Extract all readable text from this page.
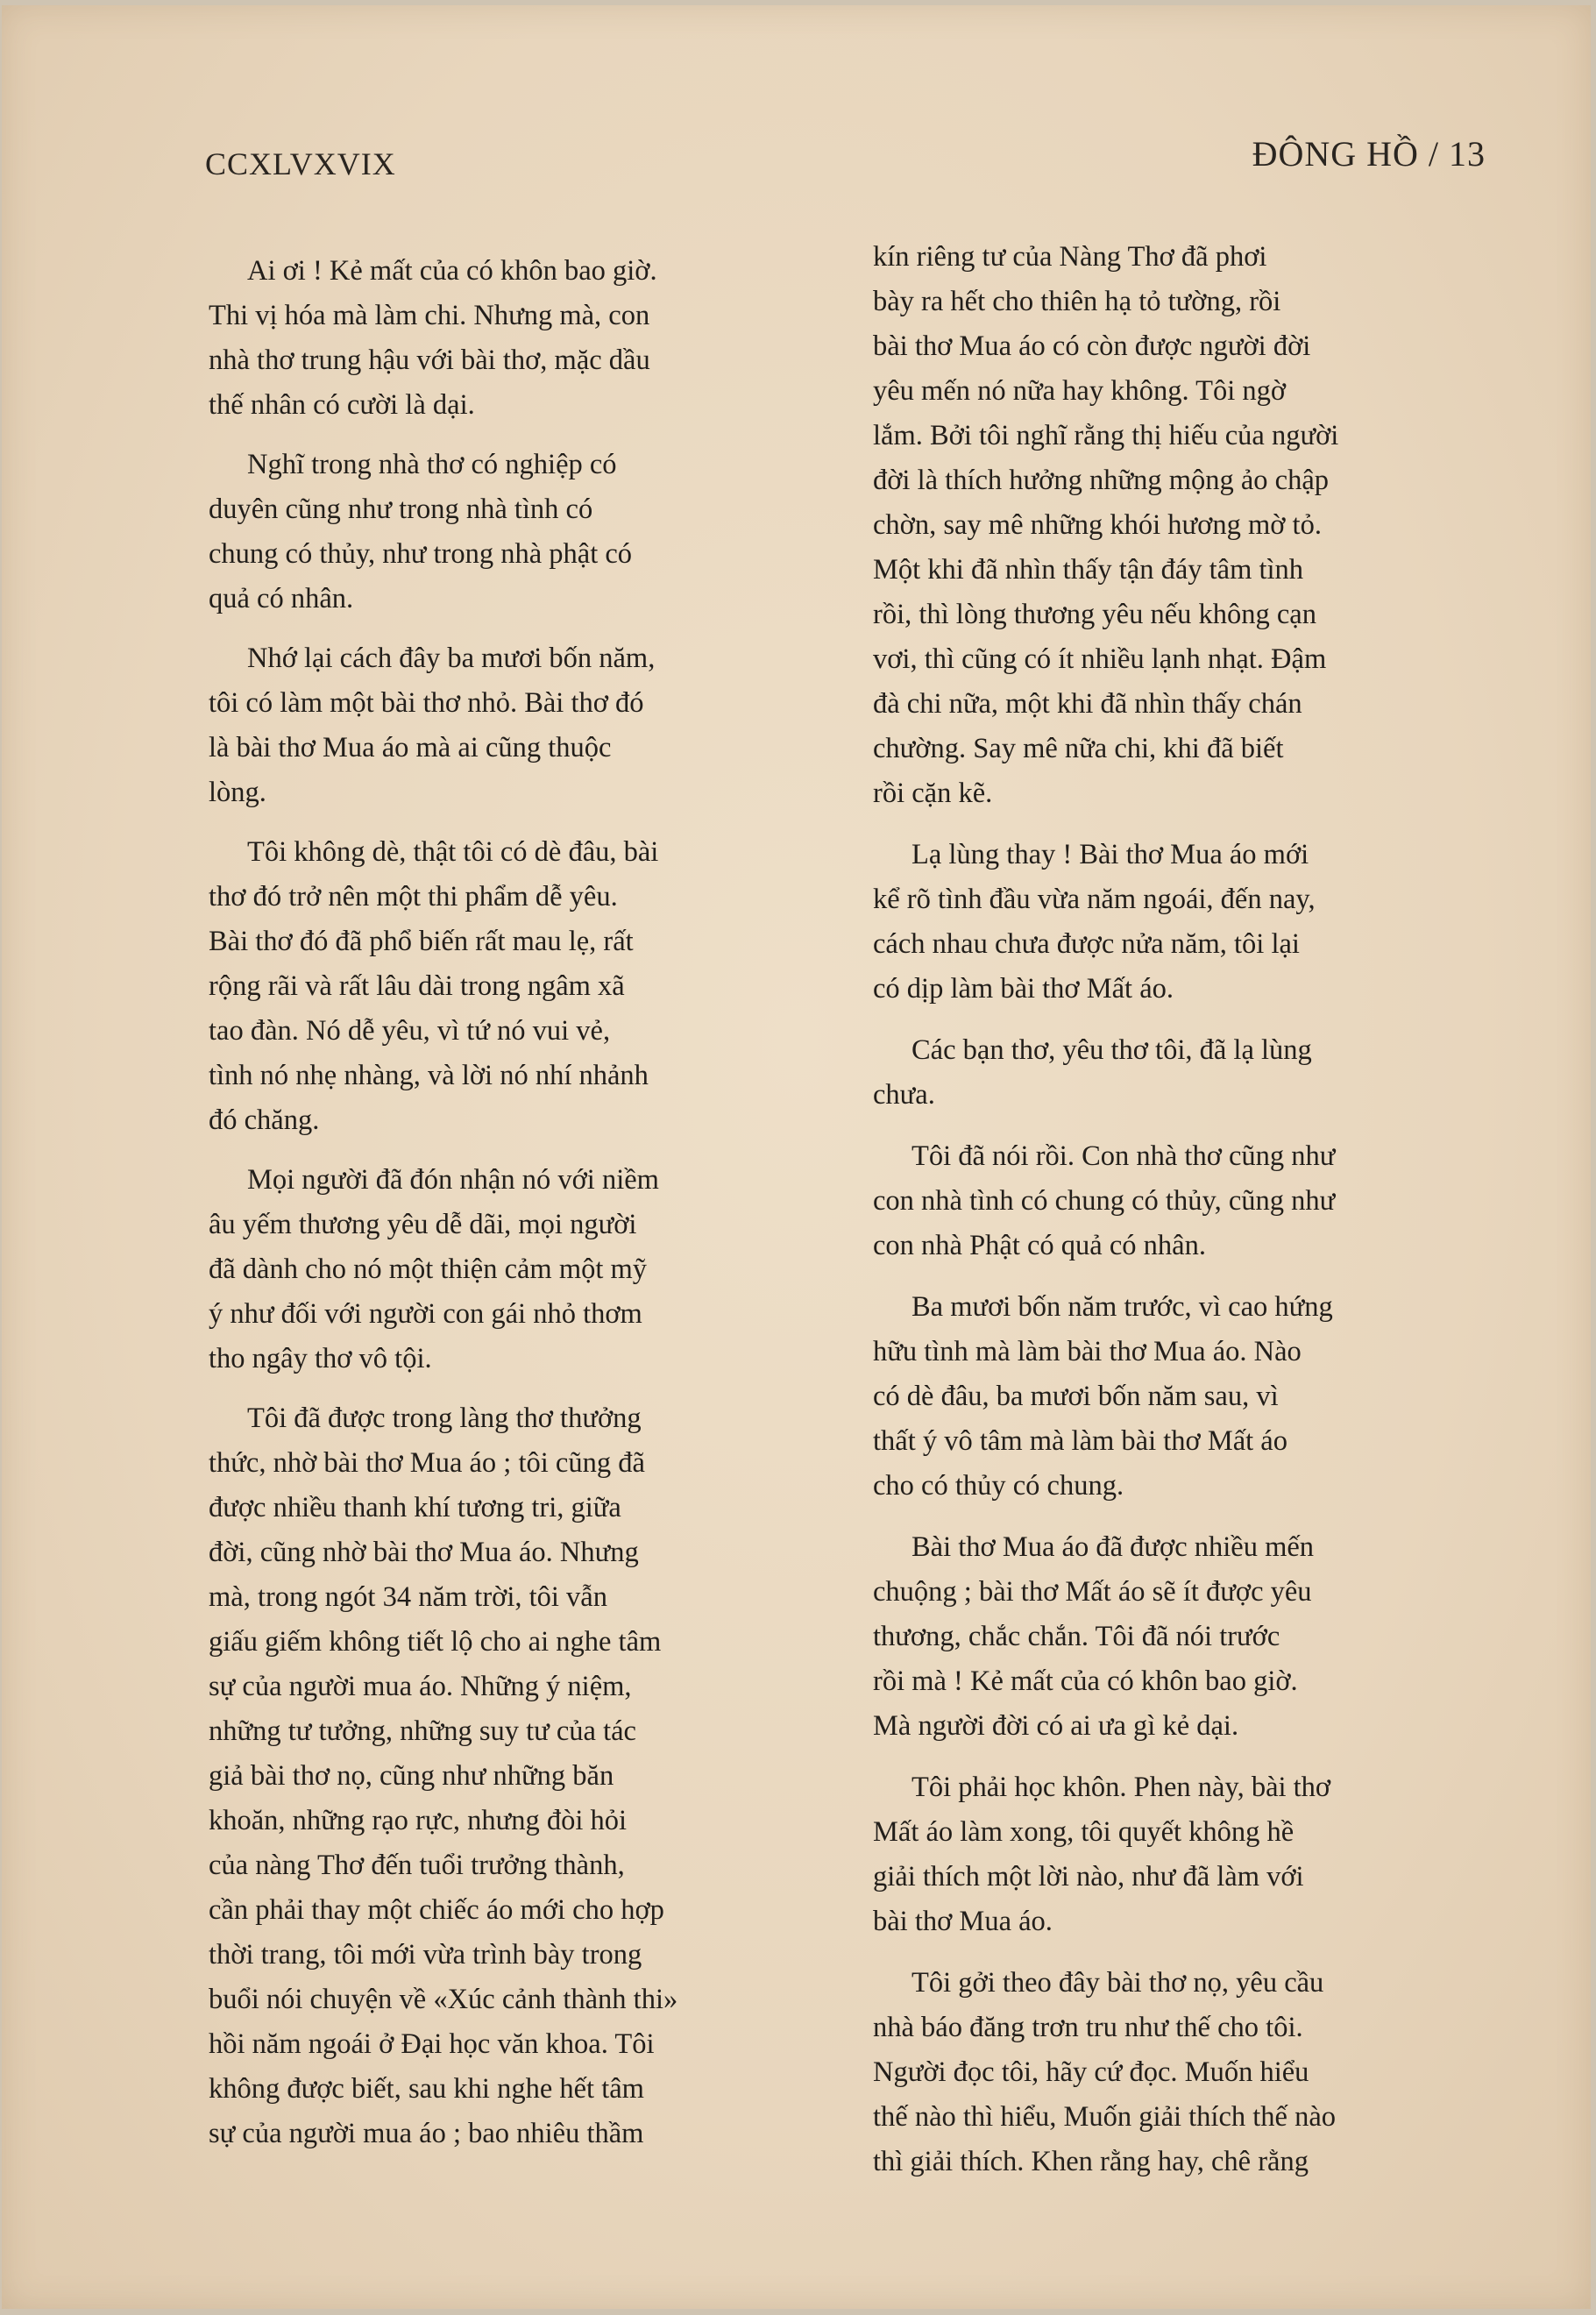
CCXLVXVIX	ĐÔNG HỒ / 13

Ai ơi ! Kẻ mất của có khôn bao giờ.
Thi vị hóa mà làm chi. Nhưng mà, con
nhà thơ trung hậu với bài thơ, mặc dầu
thế nhân có cười là dại.

Nghĩ trong nhà thơ có nghiệp có
duyên cũng như trong nhà tình có
chung có thủy, như trong nhà phật có
quả có nhân.

Nhớ lại cách đây ba mươi bốn năm,
tôi có làm một bài thơ nhỏ. Bài thơ đó
là bài thơ Mua áo mà ai cũng thuộc
lòng.

Tôi không dè, thật tôi có dè đâu, bài
thơ đó trở nên một thi phẩm dễ yêu.
Bài thơ đó đã phổ biến rất mau lẹ, rất
rộng rãi và rất lâu dài trong ngâm xã
tao đàn. Nó dễ yêu, vì tứ nó vui vẻ,
tình nó nhẹ nhàng, và lời nó nhí nhảnh
đó chăng.

Mọi người đã đón nhận nó với niềm
âu yếm thương yêu dễ dãi, mọi người
đã dành cho nó một thiện cảm một mỹ
ý như đối với người con gái nhỏ thơm
tho ngây thơ vô tội.

Tôi đã được trong làng thơ thưởng
thức, nhờ bài thơ Mua áo ; tôi cũng đã
được nhiều thanh khí tương tri, giữa
đời, cũng nhờ bài thơ Mua áo. Nhưng
mà, trong ngót 34 năm trời, tôi vẫn
giấu giếm không tiết lộ cho ai nghe tâm
sự của người mua áo. Những ý niệm,
những tư tưởng, những suy tư của tác
giả bài thơ nọ, cũng như những băn
khoăn, những rạo rực, nhưng đòi hỏi
của nàng Thơ đến tuổi trưởng thành,
cần phải thay một chiếc áo mới cho hợp
thời trang, tôi mới vừa trình bày trong
buổi nói chuyện về «Xúc cảnh thành thi»
hồi năm ngoái ở Đại học văn khoa. Tôi
không được biết, sau khi nghe hết tâm
sự của người mua áo ; bao nhiêu thầm

kín riêng tư của Nàng Thơ đã phơi
bày ra hết cho thiên hạ tỏ tường, rồi
bài thơ Mua áo có còn được người đời
yêu mến nó nữa hay không. Tôi ngờ
lắm. Bởi tôi nghĩ rằng thị hiếu của người
đời là thích hưởng những mộng ảo chập
chờn, say mê những khói hương mờ tỏ.
Một khi đã nhìn thấy tận đáy tâm tình
rồi, thì lòng thương yêu nếu không cạn
vơi, thì cũng có ít nhiều lạnh nhạt. Đậm
đà chi nữa, một khi đã nhìn thấy chán
chường. Say mê nữa chi, khi đã biết
rồi cặn kẽ.

Lạ lùng thay ! Bài thơ Mua áo mới
kể rõ tình đầu vừa năm ngoái, đến nay,
cách nhau chưa được nửa năm, tôi lại
có dịp làm bài thơ Mất áo.

Các bạn thơ, yêu thơ tôi, đã lạ lùng
chưa.

Tôi đã nói rồi. Con nhà thơ cũng như
con nhà tình có chung có thủy, cũng như
con nhà Phật có quả có nhân.

Ba mươi bốn năm trước, vì cao hứng
hữu tình mà làm bài thơ Mua áo. Nào
có dè đâu, ba mươi bốn năm sau, vì
thất ý vô tâm mà làm bài thơ Mất áo
cho có thủy có chung.

Bài thơ Mua áo đã được nhiều mến
chuộng ; bài thơ Mất áo sẽ ít được yêu
thương, chắc chắn. Tôi đã nói trước
rồi mà ! Kẻ mất của có khôn bao giờ.
Mà người đời có ai ưa gì kẻ dại.

Tôi phải học khôn. Phen này, bài thơ
Mất áo làm xong, tôi quyết không hề
giải thích một lời nào, như đã làm với
bài thơ Mua áo.

Tôi gởi theo đây bài thơ nọ, yêu cầu
nhà báo đăng trơn tru như thế cho tôi.
Người đọc tôi, hãy cứ đọc. Muốn hiểu
thế nào thì hiểu, Muốn giải thích thế nào
thì giải thích. Khen rằng hay, chê rằng
